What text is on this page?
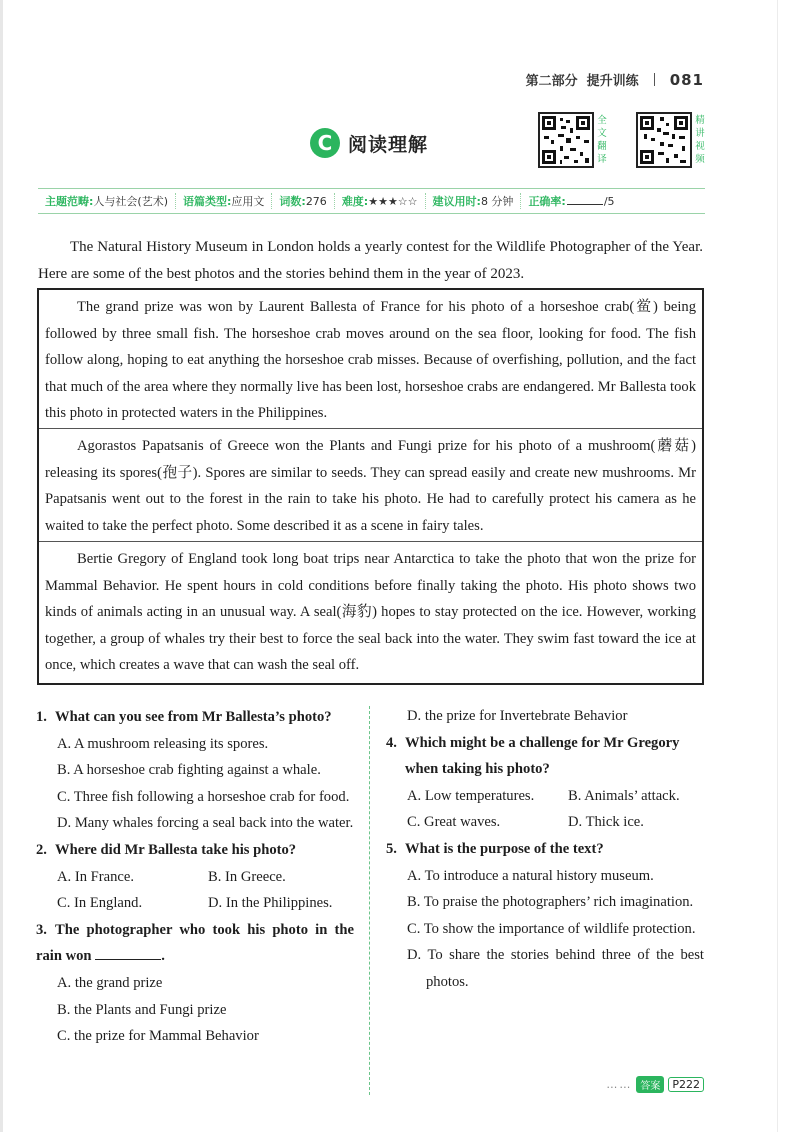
第二部分 提升训练 081
C 阅读理解
全
文
翻
译
精
讲
视
频
主题范畴:人与社会(艺术)	语篇类型:应用文	词数:276	难度:★★★☆☆	建议用时:8 分钟	正确率:	/5

The Natural History Museum in London holds a yearly contest for the Wildlife Photographer of the Year. Here are some of the best photos and the stories behind them in the year of 2023.

The grand prize was won by Laurent Ballesta of France for his photo of a horseshoe crab(鲎) being followed by three small fish. The horseshoe crab moves around on the sea floor, looking for food. The fish follow along, hoping to eat anything the horseshoe crab misses. Because of overfishing, pollution, and the fact that much of the area where they normally live has been lost, horseshoe crabs are endangered. Mr Ballesta took this photo in protected waters in the Philippines.

Agorastos Papatsanis of Greece won the Plants and Fungi prize for his photo of a mushroom(蘑菇) releasing its spores(孢子). Spores are similar to seeds. They can spread easily and create new mushrooms. Mr Papatsanis went out to the forest in the rain to take his photo. He had to carefully protect his camera as he waited to take the perfect photo. Some described it as a scene in fairy tales.

Bertie Gregory of England took long boat trips near Antarctica to take the photo that won the prize for Mammal Behavior. He spent hours in cold conditions before finally taking the photo. His photo shows two kinds of animals acting in an unusual way. A seal(海豹) hopes to stay protected on the ice. However, working together, a group of whales try their best to force the seal back into the water. They swim fast toward the ice at once, which creates a wave that can wash the seal off.

1. What can you see from Mr Ballesta’s photo?

A. A mushroom releasing its spores.

B. A horseshoe crab fighting against a whale.

C. Three fish following a horseshoe crab for food.

D. Many whales forcing a seal back into the water.

2. Where did Mr Ballesta take his photo?

A. In France.	B. In Greece.
C. In England.	D. In the Philippines.

3. The photographer who took his photo in the rain won	.

A. the grand prize

B. the Plants and Fungi prize

C. the prize for Mammal Behavior

D. the prize for Invertebrate Behavior

4. Which might be a challenge for Mr Gregory when taking his photo?

A. Low temperatures.	B. Animals’ attack.
C. Great waves.	D. Thick ice.

5. What is the purpose of the text?

A. To introduce a natural history museum.

B. To praise the photographers’ rich imagination.

C. To show the importance of wildlife protection.

D. To share the stories behind three of the best photos.

…… 答案	P222
